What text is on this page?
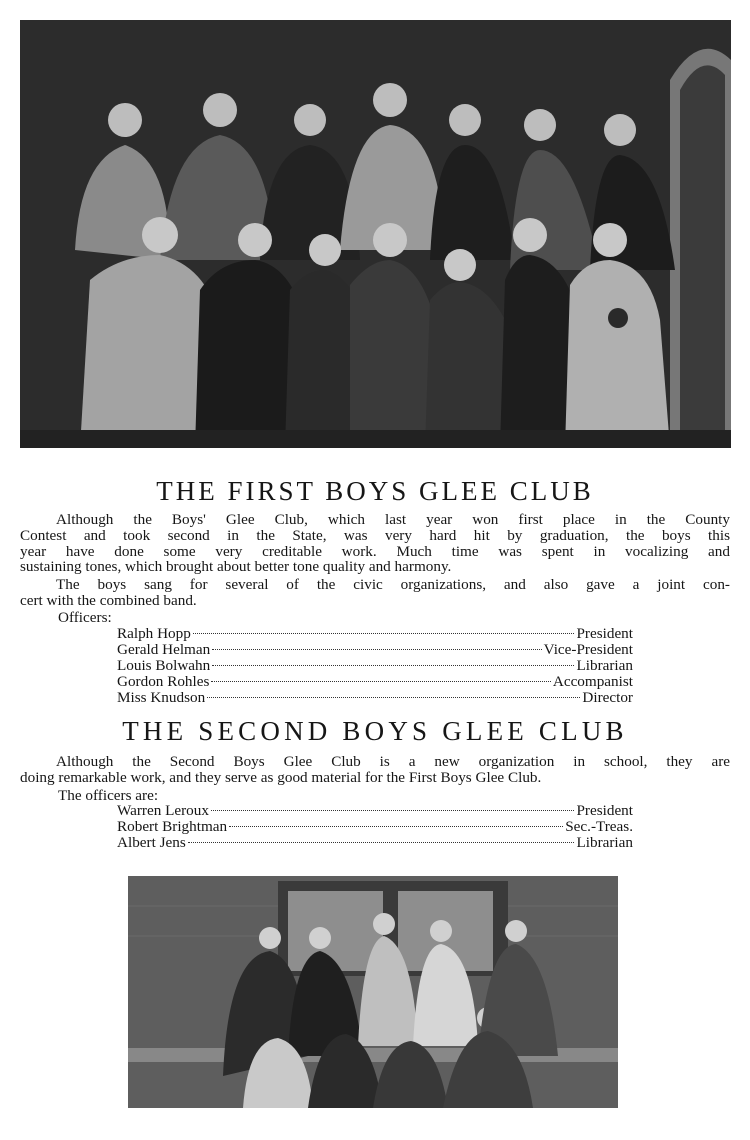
THE FIRST BOYS GLEE CLUB

Although the Boys' Glee Club, which last year won first place in the County
Contest and took second in the State, was very hard hit by graduation, the boys this
year have done some very creditable work. Much time was spent in vocalizing and
sustaining tones, which brought about better tone quality and harmony.

The boys sang for several of the civic organizations, and also gave a joint con-
cert with the combined band.

Officers:

Ralph Hopp	President
Gerald Helman	Vice-President
Louis Bolwahn	Librarian
Gordon Rohles	Accompanist
Miss Knudson	Director
THE SECOND BOYS GLEE CLUB

Although the Second Boys Glee Club is a new organization in school, they are
doing remarkable work, and they serve as good material for the First Boys Glee Club.

The officers are:

Warren Leroux	President
Robert Brightman	Sec.-Treas.
Albert Jens	Librarian
